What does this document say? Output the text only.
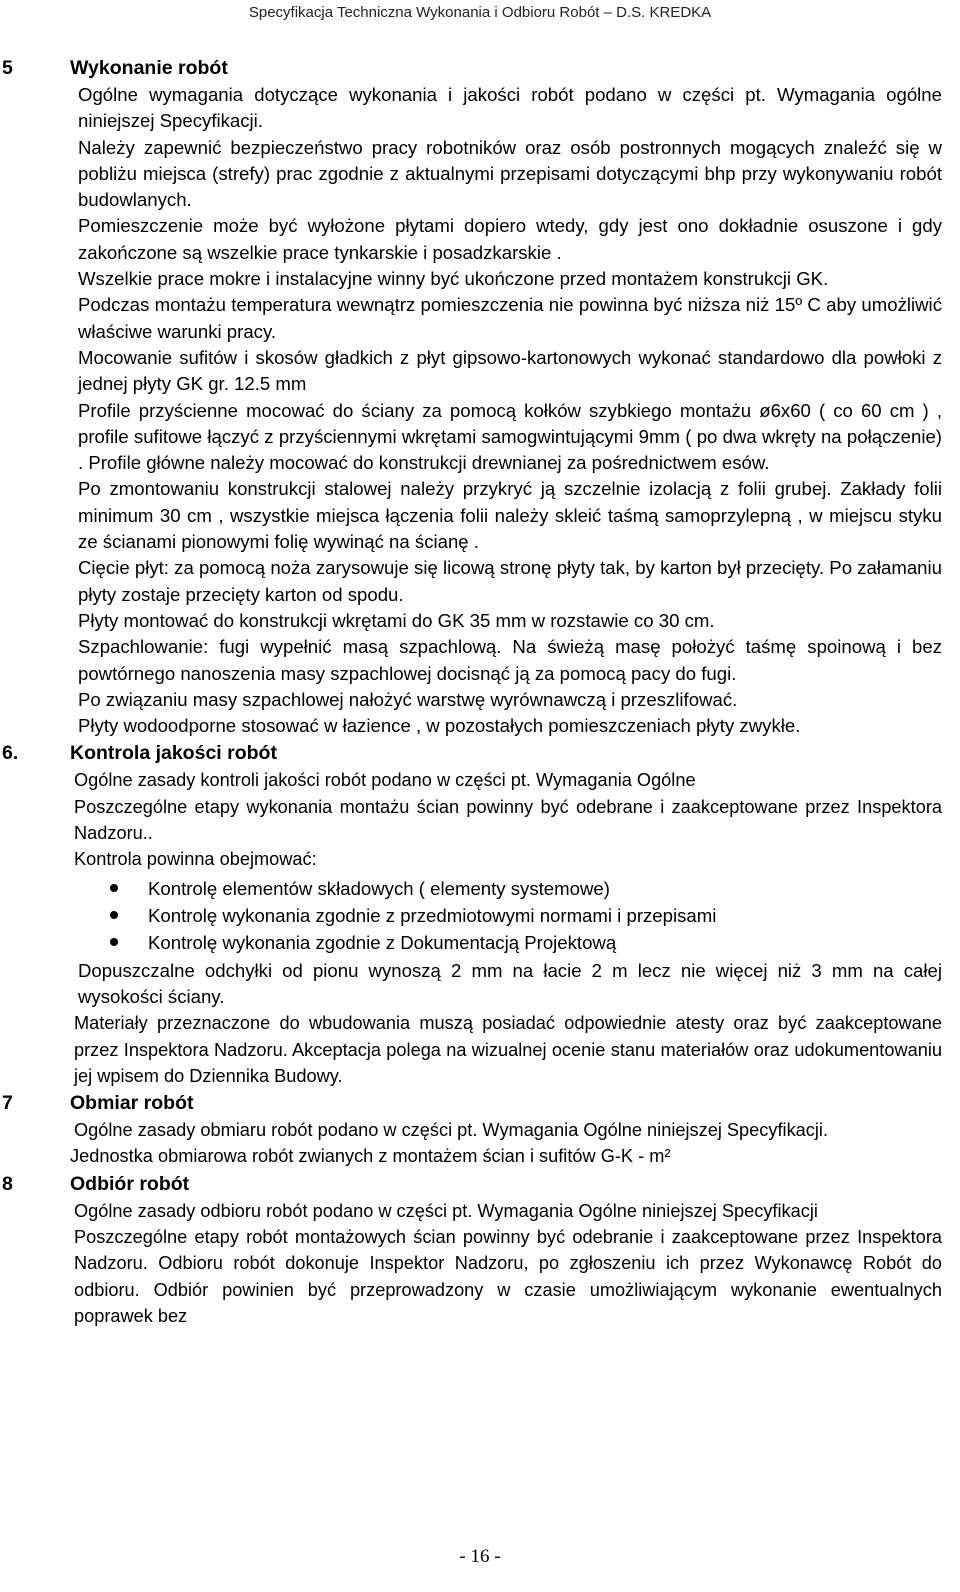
Specyfikacja Techniczna Wykonania i Odbioru Robót – D.S. KREDKA
5	Wykonanie robót

Ogólne wymagania dotyczące wykonania i jakości robót podano w części pt. Wymagania ogólne niniejszej Specyfikacji.

Należy zapewnić bezpieczeństwo pracy robotników oraz osób postronnych mogących znaleźć się w pobliżu miejsca (strefy) prac zgodnie z aktualnymi przepisami dotyczącymi bhp przy wykonywaniu robót budowlanych.

Pomieszczenie może być wyłożone płytami dopiero wtedy, gdy jest ono dokładnie osuszone i gdy zakończone są wszelkie prace tynkarskie i posadzkarskie .

Wszelkie prace mokre i instalacyjne winny być ukończone przed montażem konstrukcji GK.

Podczas montażu temperatura wewnątrz pomieszczenia nie powinna być niższa niż 15º C aby umożliwić właściwe warunki pracy.

Mocowanie sufitów i skosów gładkich z płyt gipsowo-kartonowych wykonać standardowo dla powłoki z jednej płyty GK gr. 12.5 mm

Profile przyścienne mocować do ściany za pomocą kołków szybkiego montażu ø6x60 ( co 60 cm ) , profile sufitowe łączyć z przyściennymi wkrętami samogwintującymi 9mm ( po dwa wkręty na połączenie) . Profile główne należy mocować do konstrukcji drewnianej za pośrednictwem esów.

Po zmontowaniu konstrukcji stalowej należy przykryć ją szczelnie izolacją z folii grubej. Zakłady folii minimum 30 cm , wszystkie miejsca łączenia folii należy skleić taśmą samoprzylepną , w miejscu styku ze ścianami pionowymi folię wywinąć na ścianę .

Cięcie płyt: za pomocą noża zarysowuje się licową stronę płyty tak, by karton był przecięty. Po załamaniu płyty zostaje przecięty karton od spodu.

Płyty montować do konstrukcji wkrętami do GK 35 mm w rozstawie co 30 cm.

Szpachlowanie: fugi wypełnić masą szpachlową. Na świeżą masę położyć taśmę spoinową i bez powtórnego nanoszenia masy szpachlowej docisnąć ją za pomocą pacy do fugi.

Po związaniu masy szpachlowej nałożyć warstwę wyrównawczą i przeszlifować.

Płyty wodoodporne stosować w łazience , w pozostałych pomieszczeniach płyty zwykłe.

6.	Kontrola jakości robót

Ogólne zasady kontroli jakości robót podano w części pt. Wymagania Ogólne

Poszczególne etapy wykonania montażu ścian powinny być odebrane i zaakceptowane przez Inspektora Nadzoru..

Kontrola powinna obejmować:

Kontrolę elementów składowych ( elementy systemowe)
Kontrolę wykonania zgodnie z przedmiotowymi normami i przepisami
Kontrolę wykonania zgodnie z Dokumentacją Projektową

Dopuszczalne odchyłki od pionu wynoszą 2 mm na łacie 2 m lecz nie więcej niż 3 mm na całej wysokości ściany.

Materiały przeznaczone do wbudowania muszą posiadać odpowiednie atesty oraz być zaakceptowane przez Inspektora Nadzoru. Akceptacja polega na wizualnej ocenie stanu materiałów oraz udokumentowaniu jej wpisem do Dziennika Budowy.

7	Obmiar robót

Ogólne zasady obmiaru robót podano w części pt. Wymagania Ogólne niniejszej Specyfikacji.

Jednostka obmiarowa robót zwianych z montażem ścian i sufitów G-K - m²

8	Odbiór robót

Ogólne zasady odbioru robót podano w części pt. Wymagania Ogólne niniejszej Specyfikacji

Poszczególne etapy robót montażowych ścian powinny być odebranie i zaakceptowane przez Inspektora Nadzoru. Odbioru robót dokonuje Inspektor Nadzoru, po zgłoszeniu ich przez Wykonawcę Robót do odbioru. Odbiór powinien być przeprowadzony w czasie umożliwiającym wykonanie ewentualnych poprawek bez

- 16 -
